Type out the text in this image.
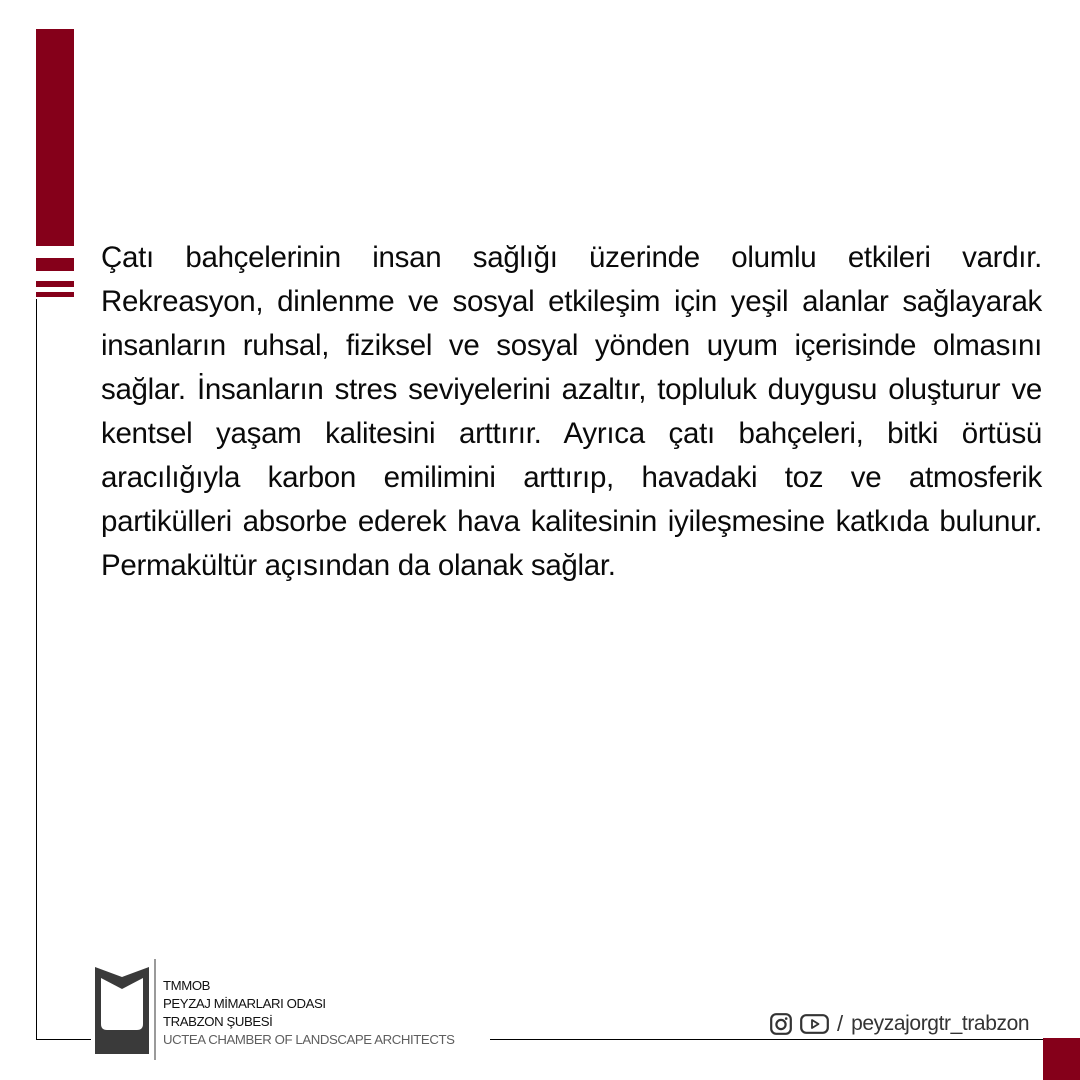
Çatı bahçelerinin insan sağlığı üzerinde olumlu etkileri vardır. Rekreasyon, dinlenme ve sosyal etkileşim için yeşil alanlar sağlayarak insanların ruhsal, fiziksel ve sosyal yönden uyum içerisinde olmasını sağlar. İnsanların stres seviyelerini azaltır, topluluk duygusu oluşturur ve kentsel yaşam kalitesini arttırır. Ayrıca çatı bahçeleri, bitki örtüsü aracılığıyla karbon emilimini arttırıp, havadaki toz ve atmosferik partikülleri absorbe ederek hava kalitesinin iyileşmesine katkıda bulunur. Permakültür açısından da olanak sağlar.

TMMOB
PEYZAJ MİMARLARI ODASI
TRABZON ŞUBESİ
UCTEA CHAMBER OF LANDSCAPE ARCHITECTS
/ peyzajorgtr_trabzon
